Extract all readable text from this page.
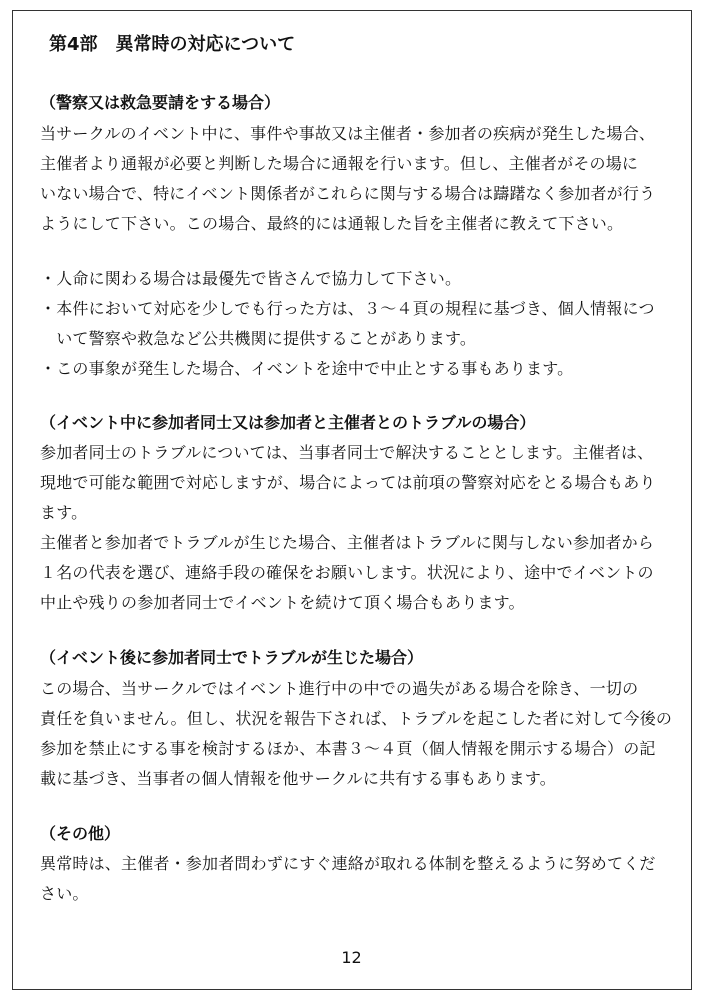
第4部　異常時の対応について
（警察又は救急要請をする場合）
当サークルのイベント中に、事件や事故又は主催者・参加者の疾病が発生した場合、
主催者より通報が必要と判断した場合に通報を行います。但し、主催者がその場に
いない場合で、特にイベント関係者がこれらに関与する場合は躊躇なく参加者が行う
ようにして下さい。この場合、最終的には通報した旨を主催者に教えて下さい。
・人命に関わる場合は最優先で皆さんで協力して下さい。
・本件において対応を少しでも行った方は、３～４頁の規程に基づき、個人情報につ
　いて警察や救急など公共機関に提供することがあります。
・この事象が発生した場合、イベントを途中で中止とする事もあります。
（イベント中に参加者同士又は参加者と主催者とのトラブルの場合）
参加者同士のトラブルについては、当事者同士で解決することとします。主催者は、
現地で可能な範囲で対応しますが、場合によっては前項の警察対応をとる場合もあり
ます。
主催者と参加者でトラブルが生じた場合、主催者はトラブルに関与しない参加者から
１名の代表を選び、連絡手段の確保をお願いします。状況により、途中でイベントの
中止や残りの参加者同士でイベントを続けて頂く場合もあります。
（イベント後に参加者同士でトラブルが生じた場合）
この場合、当サークルではイベント進行中の中での過失がある場合を除き、一切の
責任を負いません。但し、状況を報告下されば、トラブルを起こした者に対して今後の
参加を禁止にする事を検討するほか、本書３～４頁（個人情報を開示する場合）の記
載に基づき、当事者の個人情報を他サークルに共有する事もあります。
（その他）
異常時は、主催者・参加者問わずにすぐ連絡が取れる体制を整えるように努めてくだ
さい。
12
